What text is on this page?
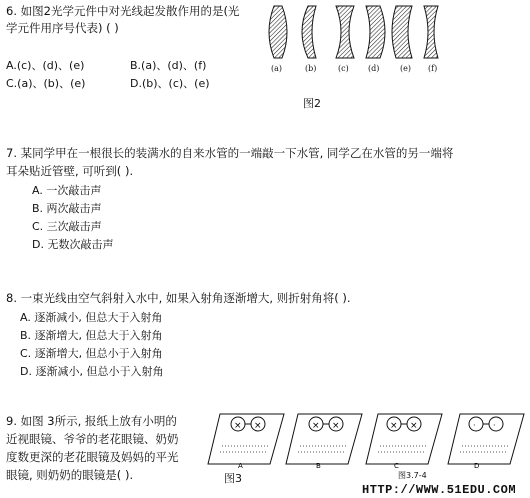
6. 如图2光学元件中对光线起发散作用的是(光
学元件用序号代表) ( )
A.(c)、(d)、(e)	B.(a)、(d)、(f)
C.(a)、(b)、(e)	D.(b)、(c)、(e)
(a)	(b)	(c) (d)	(e) (f)
图2
7. 某同学甲在一根很长的装满水的自来水管的一端敲一下水管, 同学乙在水管的另一端将
耳朵贴近管壁, 可听到( ).
A. 一次敲击声
B. 两次敲击声
C. 三次敲击声
D. 无数次敲击声
8. 一束光线由空气斜射入水中, 如果入射角逐渐增大, 则折射角将( ).
A. 逐渐减小, 但总大于入射角
B. 逐渐增大, 但总大于入射角
C. 逐渐增大, 但总小于入射角
D. 逐渐减小, 但总小于入射角
9. 如图 3所示, 报纸上放有小明的
近视眼镜、爷爷的老花眼镜、奶奶
度数更深的老花眼镜及妈妈的平光
眼镜, 则奶奶的眼镜是( ).
× ×	× ×	× ×	· ·
A	B	C	D
图3	图3.7-4
HTTP://WWW.51EDU.COM
